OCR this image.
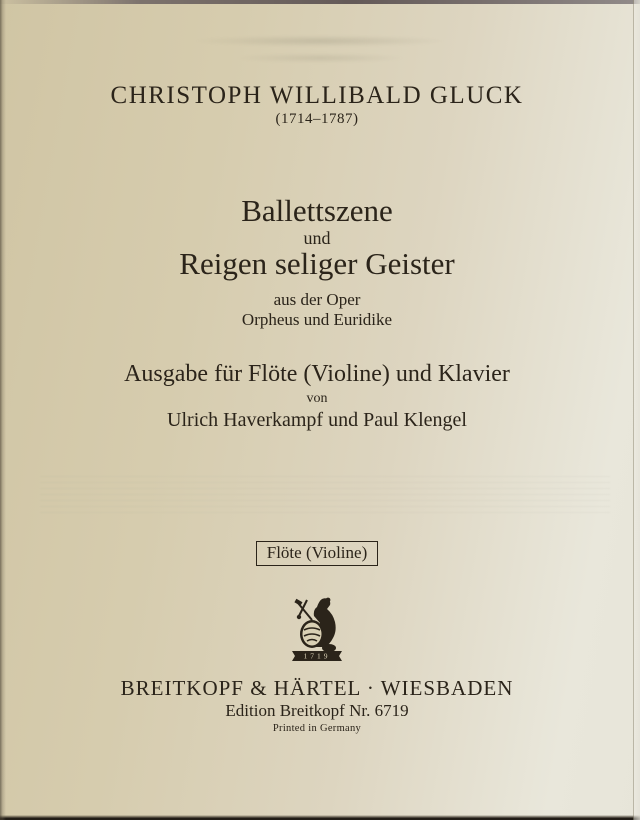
CHRISTOPH WILLIBALD GLUCK
(1714–1787)
Ballettszene
und
Reigen seliger Geister
aus der Oper
Orpheus und Euridike
Ausgabe für Flöte (Violine) und Klavier
von
Ulrich Haverkampf und Paul Klengel
Flöte (Violine)
1719
BREITKOPF & HÄRTEL · WIESBADEN
Edition Breitkopf Nr. 6719
Printed in Germany
